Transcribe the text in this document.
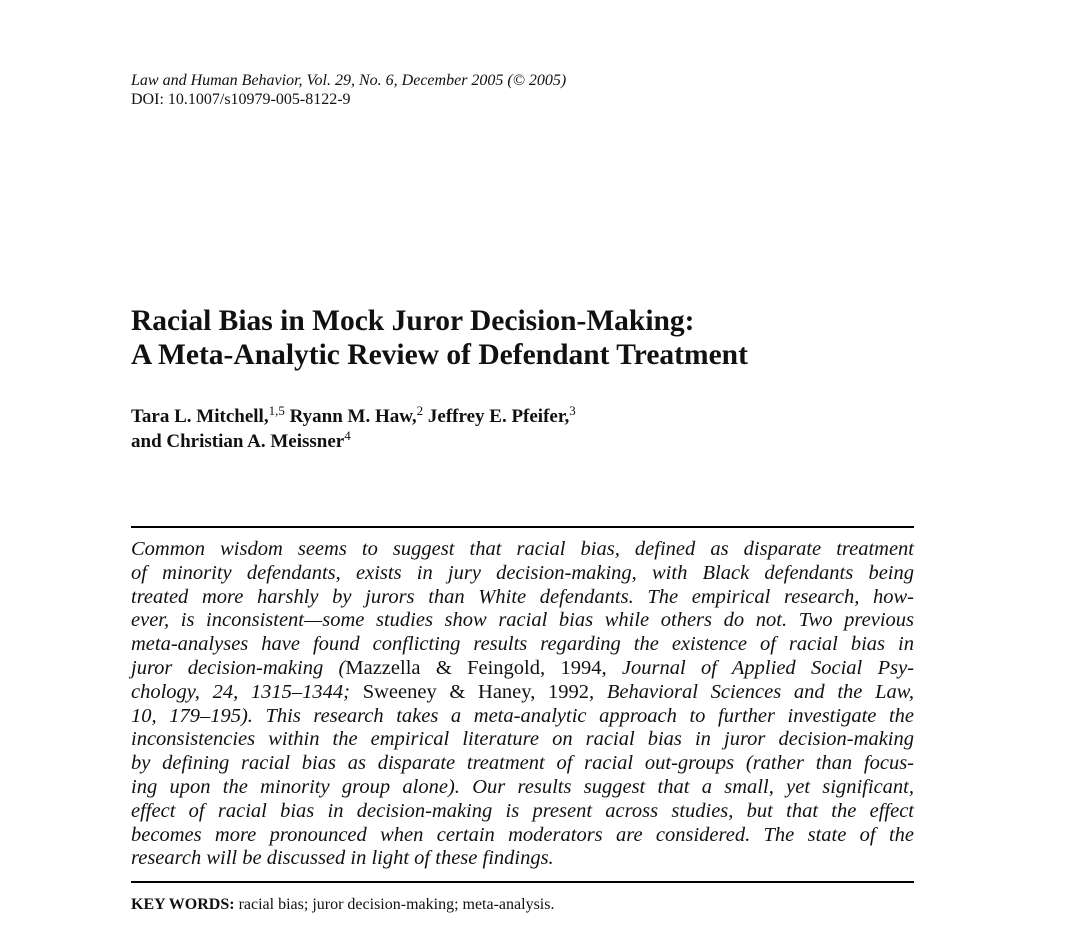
Law and Human Behavior, Vol. 29, No. 6, December 2005 (© 2005)
DOI: 10.1007/s10979-005-8122-9
Racial Bias in Mock Juror Decision-Making:
A Meta-Analytic Review of Defendant Treatment
Tara L. Mitchell,$^{1,5}$ Ryann M. Haw,$^2$ Jeffrey E. Pfeifer,$^3$
and Christian A. Meissner$^4$
Common wisdom seems to suggest that racial bias, defined as disparate treatment
of minority defendants, exists in jury decision-making, with Black defendants being
treated more harshly by jurors than White defendants. The empirical research, how-
ever, is inconsistent—some studies show racial bias while others do not. Two previous
meta-analyses have found conflicting results regarding the existence of racial bias in
juror decision-making (Mazzella & Feingold, 1994, Journal of Applied Social Psy-
chology, 24, 1315–1344; Sweeney & Haney, 1992, Behavioral Sciences and the Law,
10, 179–195). This research takes a meta-analytic approach to further investigate the
inconsistencies within the empirical literature on racial bias in juror decision-making
by defining racial bias as disparate treatment of racial out-groups (rather than focus-
ing upon the minority group alone). Our results suggest that a small, yet significant,
effect of racial bias in decision-making is present across studies, but that the effect
becomes more pronounced when certain moderators are considered. The state of the
research will be discussed in light of these findings.
KEY WORDS: racial bias; juror decision-making; meta-analysis.
